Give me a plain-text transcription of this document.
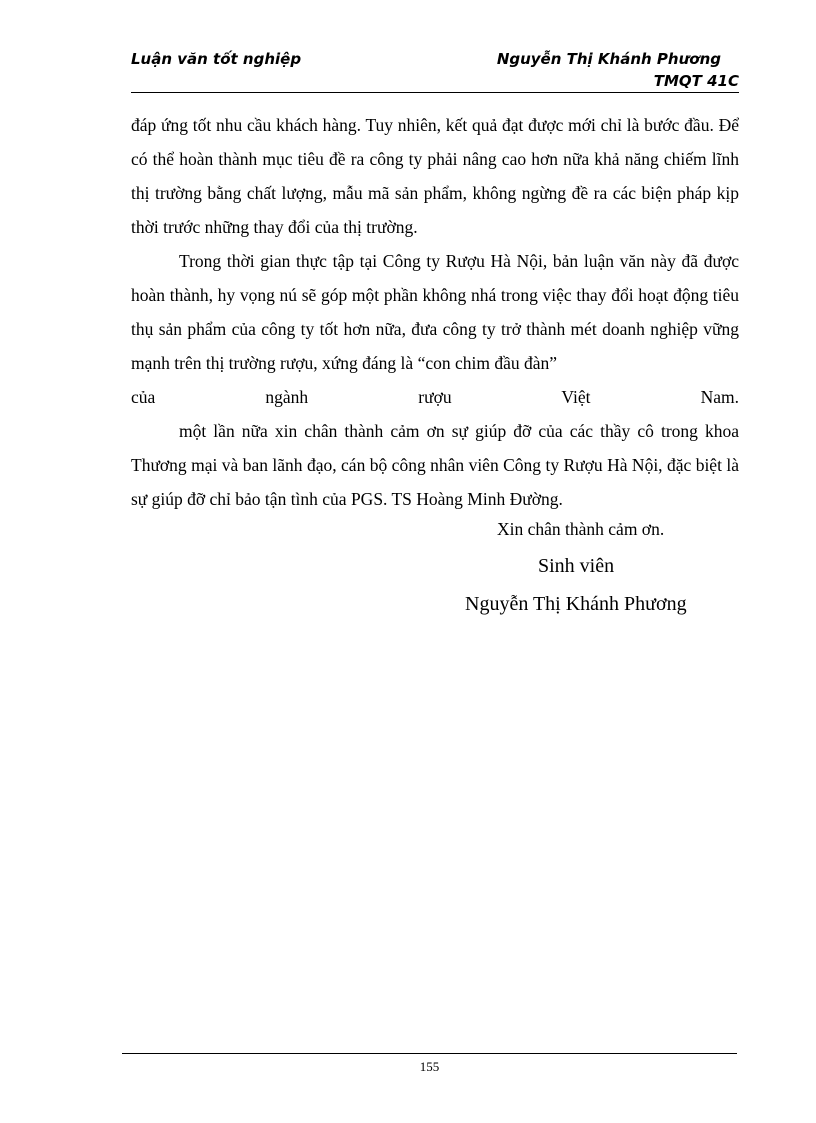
Luận văn tốt nghiệp	Nguyễn Thị Khánh Phương
TMQT 41C

đáp ứng tốt nhu cầu khách hàng. Tuy nhiên, kết quả đạt được mới chỉ là bước đầu. Để có thể hoàn thành mục tiêu đề ra công ty phải nâng cao hơn nữa khả năng chiếm lĩnh thị trường bằng chất lượng, mẫu mã sản phẩm, không ngừng đề ra các biện pháp kịp thời trước những thay đổi của thị trường.

Trong thời gian thực tập tại Công ty Rượu Hà Nội, bản luận văn này đã được hoàn thành, hy vọng nú sẽ góp một phần không nhá trong việc thay đổi hoạt động tiêu thụ sản phẩm của công ty tốt hơn nữa, đưa công ty trở thành mét doanh nghiệp vững mạnh trên thị trường rượu, xứng đáng là “con chim đầu đàn”

của ngành rượu Việt Nam.

một lần nữa xin chân thành cảm ơn sự giúp đỡ của các thầy cô trong khoa Thương mại và ban lãnh đạo, cán bộ công nhân viên Công ty Rượu Hà Nội, đặc biệt là sự giúp đỡ chỉ bảo tận tình của PGS. TS Hoàng Minh Đường.

Xin chân thành cảm ơn.
Sinh viên
Nguyễn Thị Khánh Phương
155
